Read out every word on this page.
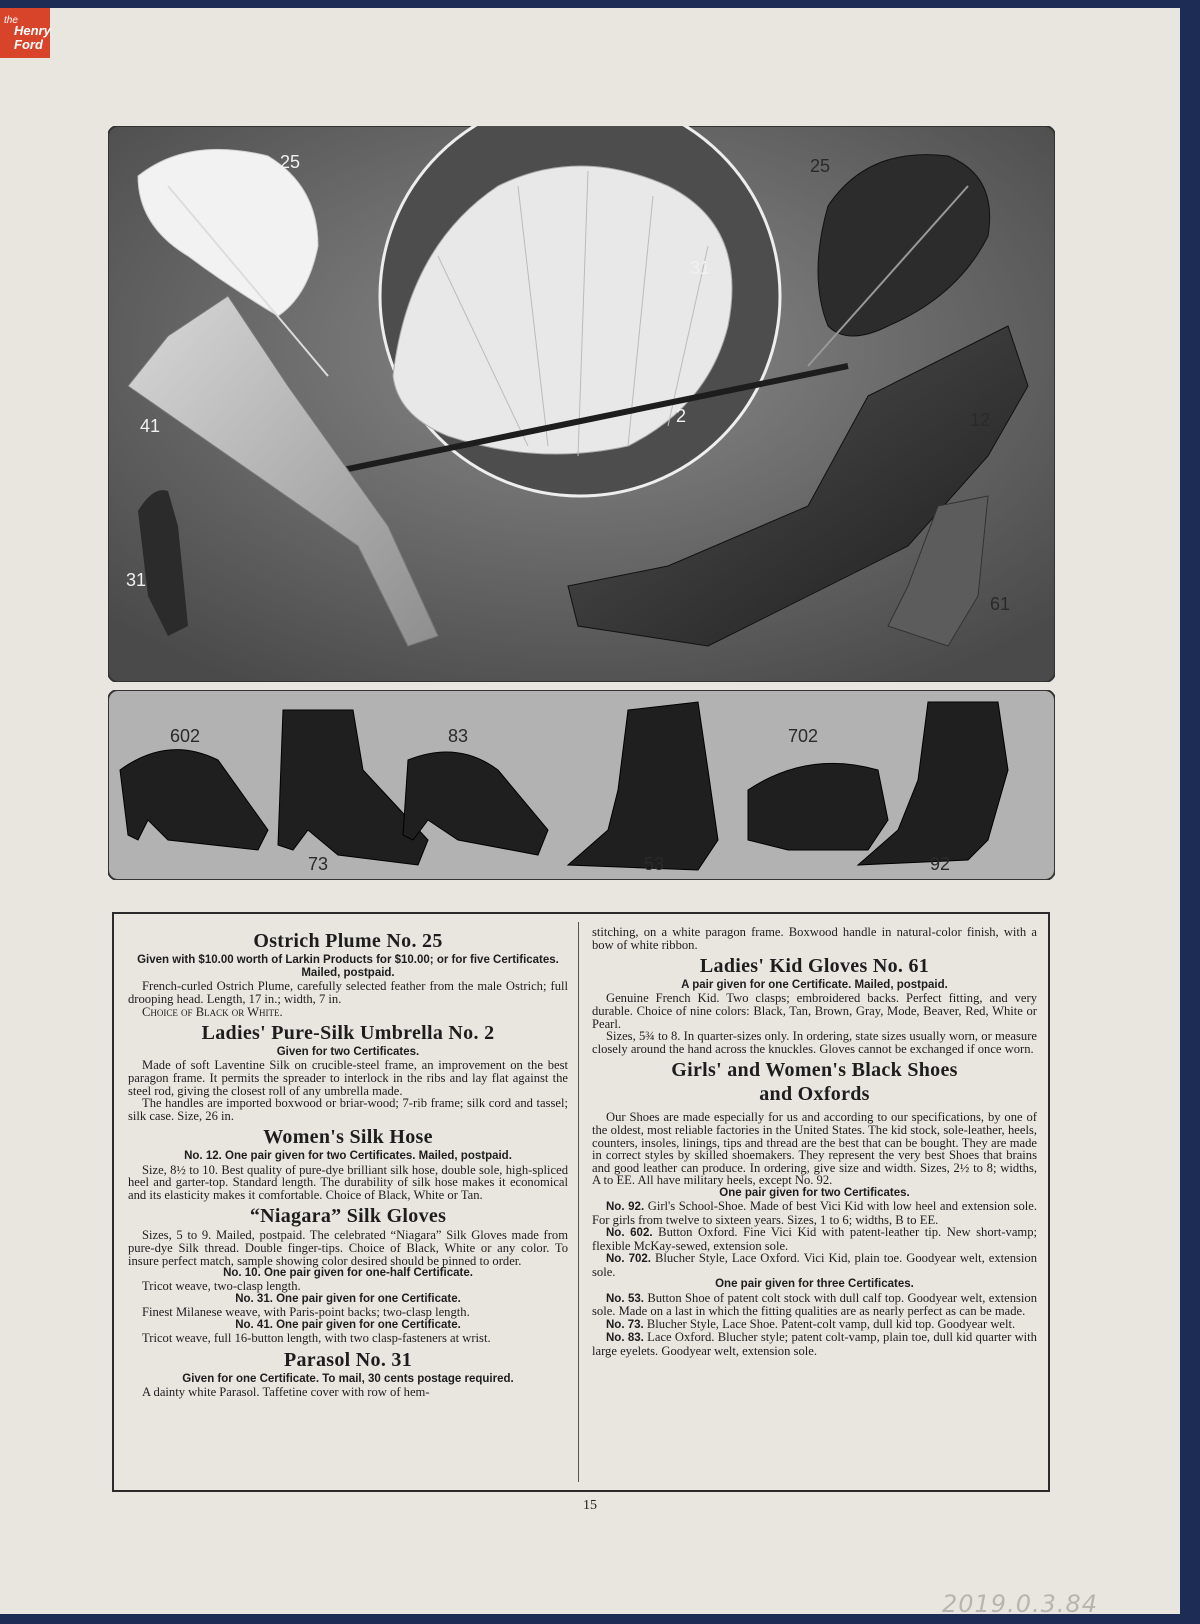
the
Henry
Ford
25	25
31
2
41
31
12
61
602
73
83
53
702
92

Ostrich Plume No. 25

Given with $10.00 worth of Larkin Products for $10.00; or for five Certificates. Mailed, postpaid.

French-curled Ostrich Plume, carefully selected feather from the male Ostrich; full drooping head. Length, 17 in.; width, 7 in.

Choice of Black or White.

Ladies' Pure-Silk Umbrella No. 2

Given for two Certificates.

Made of soft Laventine Silk on crucible-steel frame, an improvement on the best paragon frame. It permits the spreader to interlock in the ribs and lay flat against the steel rod, giving the closest roll of any umbrella made.

The handles are imported boxwood or briar-wood; 7-rib frame; silk cord and tassel; silk case. Size, 26 in.

Women's Silk Hose

No. 12. One pair given for two Certificates. Mailed, postpaid.

Size, 8½ to 10. Best quality of pure-dye brilliant silk hose, double sole, high-spliced heel and garter-top. Standard length. The durability of silk hose makes it economical and its elasticity makes it comfortable. Choice of Black, White or Tan.

“Niagara” Silk Gloves

Sizes, 5 to 9. Mailed, postpaid. The celebrated “Niagara” Silk Gloves made from pure-dye Silk thread. Double finger-tips. Choice of Black, White or any color. To insure perfect match, sample showing color desired should be pinned to order.

No. 10. One pair given for one-half Certificate.

Tricot weave, two-clasp length.

No. 31. One pair given for one Certificate.

Finest Milanese weave, with Paris-point backs; two-clasp length.

No. 41. One pair given for one Certificate.

Tricot weave, full 16-button length, with two clasp-fasteners at wrist.

Parasol No. 31

Given for one Certificate. To mail, 30 cents postage required.

A dainty white Parasol. Taffetine cover with row of hem-

stitching, on a white paragon frame. Boxwood handle in natural-color finish, with a bow of white ribbon.

Ladies' Kid Gloves No. 61

A pair given for one Certificate. Mailed, postpaid.

Genuine French Kid. Two clasps; embroidered backs. Perfect fitting, and very durable. Choice of nine colors: Black, Tan, Brown, Gray, Mode, Beaver, Red, White or Pearl.

Sizes, 5¾ to 8. In quarter-sizes only. In ordering, state sizes usually worn, or measure closely around the hand across the knuckles. Gloves cannot be exchanged if once worn.

Girls' and Women's Black Shoes

and Oxfords

Our Shoes are made especially for us and according to our specifications, by one of the oldest, most reliable factories in the United States. The kid stock, sole-leather, heels, counters, insoles, linings, tips and thread are the best that can be bought. They are made in correct styles by skilled shoemakers. They represent the very best Shoes that brains and good leather can produce. In ordering, give size and width. Sizes, 2½ to 8; widths, A to EE. All have military heels, except No. 92.

One pair given for two Certificates.

No. 92. Girl's School-Shoe. Made of best Vici Kid with low heel and extension sole. For girls from twelve to sixteen years. Sizes, 1 to 6; widths, B to EE.

No. 602. Button Oxford. Fine Vici Kid with patent-leather tip. New short-vamp; flexible McKay-sewed, extension sole.

No. 702. Blucher Style, Lace Oxford. Vici Kid, plain toe. Goodyear welt, extension sole.

One pair given for three Certificates.

No. 53. Button Shoe of patent colt stock with dull calf top. Goodyear welt, extension sole. Made on a last in which the fitting qualities are as nearly perfect as can be made.

No. 73. Blucher Style, Lace Shoe. Patent-colt vamp, dull kid top. Goodyear welt.

No. 83. Lace Oxford. Blucher style; patent colt-vamp, plain toe, dull kid quarter with large eyelets. Goodyear welt, extension sole.

15
2019.0.3.84
